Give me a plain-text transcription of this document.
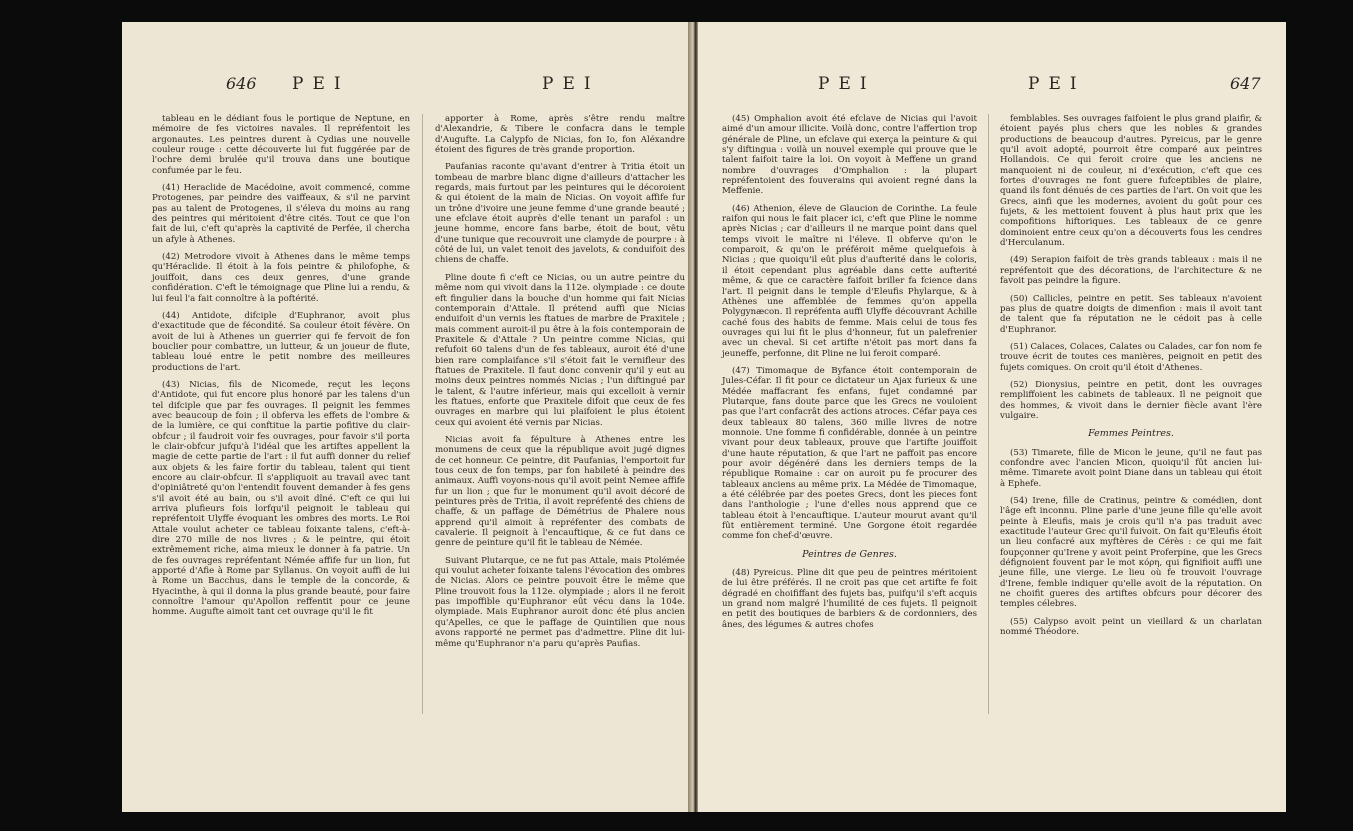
646 PEI	PEI

tableau en le dédiant fous le portique de Neptune, en mémoire de fes victoires navales. Il repréfentoit les argonautes. Les peintres durent à Cydias une nouvelle couleur rouge : cette découverte lui fut fuggérée par de l'ochre demi brulée qu'il trouva dans une boutique confumée par le feu.

(41) Heraclide de Macédoine, avoit commencé, comme Protogenes, par peindre des vaiffeaux, & s'il ne parvint pas au talent de Protogenes, il s'éleva du moins au rang des peintres qui méritoient d'être cités. Tout ce que l'on fait de lui, c'eft qu'après la captivité de Perfée, il chercha un afyle à Athenes.

(42) Metrodore vivoit à Athenes dans le même temps qu'Héraclide. Il étoit à la fois peintre & philofophe, & jouiffoit, dans ces deux genres, d'une grande confidération. C'eft le témoignage que Pline lui a rendu, & lui feul l'a fait connoître à la poftérité.

(44) Antidote, difciple d'Euphranor, avoit plus d'exactitude que de fécondité. Sa couleur étoit févère. On avoit de lui à Athenes un guerrier qui fe fervoit de fon bouclier pour combattre, un lutteur, & un joueur de flute, tableau loué entre le petit nombre des meilleures productions de l'art.

(43) Nicias, fils de Nicomede, reçut les leçons d'Antidote, qui fut encore plus honoré par les talens d'un tel difciple que par fes ouvrages. Il peignit les femmes avec beaucoup de foin ; il obferva les effets de l'ombre & de la lumière, ce qui conftitue la partie pofitive du clair-obfcur ; il faudroit voir fes ouvrages, pour favoir s'il porta le clair-obfcur jufqu'à l'idéal que les artiftes appellent la magie de cette partie de l'art : il fut auffi donner du relief aux objets & les faire fortir du tableau, talent qui tient encore au clair-obfcur. Il s'appliquoit au travail avec tant d'opiniâtreté qu'on l'entendit fouvent demander à fes gens s'il avoit été au bain, ou s'il avoit dîné. C'eft ce qui lui arriva plufieurs fois lorfqu'il peignoit le tableau qui repréfentoit Ulyffe évoquant les ombres des morts. Le Roi Attale voulut acheter ce tableau foixante talens, c'eft-à-dire 270 mille de nos livres ; & le peintre, qui étoit extrêmement riche, aima mieux le donner à fa patrie. Un de fes ouvrages repréfentant Némée affife fur un lion, fut apporté d'Afie à Rome par Syllanus. On voyoit auffi de lui à Rome un Bacchus, dans le temple de la concorde, & Hyacinthe, à qui il donna la plus grande beauté, pour faire connoître l'amour qu'Apollon reffentit pour ce jeune homme. Augufte aimoit tant cet ouvrage qu'il le fit

apporter à Rome, après s'être rendu maître d'Alexandrie, & Tibere le confacra dans le temple d'Augufte. La Calypfo de Nicias, fon Io, fon Aléxandre étoient des figures de très grande proportion.

Paufanias raconte qu'avant d'entrer à Tritia étoit un tombeau de marbre blanc digne d'ailleurs d'attacher les regards, mais furtout par les peintures qui le décoroient & qui étoient de la main de Nicias. On voyoit affife fur un trône d'ivoire une jeune femme d'une grande beauté ; une efclave étoit auprès d'elle tenant un parafol : un jeune homme, encore fans barbe, étoit de bout, vêtu d'une tunique que recouvroit une clamyde de pourpre : à côté de lui, un valet tenoit des javelots, & conduifoit des chiens de chaffe.

Pline doute fi c'eft ce Nicias, ou un autre peintre du même nom qui vivoit dans la 112e. olympiade : ce doute eft fingulier dans la bouche d'un homme qui fait Nicias contemporain d'Attale. Il prétend auffi que Nicias enduifoit d'un vernis les ftatues de marbre de Praxitele ; mais comment auroit-il pu être à la fois contemporain de Praxitele & d'Attale ? Un peintre comme Nicias, qui refufoit 60 talens d'un de fes tableaux, auroit été d'une bien rare complaifance s'il s'étoit fait le vernifleur des ftatues de Praxitele. Il faut donc convenir qu'il y eut au moins deux peintres nommés Nicias ; l'un diftingué par le talent, & l'autre inférieur, mais qui excelloit à vernir les ftatues, enforte que Praxitele difoit que ceux de fes ouvrages en marbre qui lui plaifoient le plus étoient ceux qui avoient été vernis par Nicias.

Nicias avoit fa fépulture à Athenes entre les monumens de ceux que la république avoit jugé dignes de cet honneur. Ce peintre, dit Paufanias, l'emportoit fur tous ceux de fon temps, par fon habileté à peindre des animaux. Auffi voyons-nous qu'il avoit peint Nemee affife fur un lion ; que fur le monument qu'il avoit décoré de peintures près de Tritia, il avoit repréfenté des chiens de chaffe, & un paffage de Démétrius de Phalere nous apprend qu'il aimoit à repréfenter des combats de cavalerie. Il peignoit à l'encauftique, & ce fut dans ce genre de peinture qu'il fit le tableau de Némée.

Suivant Plutarque, ce ne fut pas Attale, mais Ptolémée qui voulut acheter foixante talens l'évocation des ombres de Nicias. Alors ce peintre pouvoit être le même que Pline trouvoit fous la 112e. olympiade ; alors il ne feroit pas impoffible qu'Euphranor eût vécu dans la 104e. olympiade. Mais Euphranor auroit donc été plus ancien qu'Apelles, ce que le paffage de Quintilien que nous avons rapporté ne permet pas d'admettre. Pline dit lui-même qu'Euphranor n'a paru qu'après Paufias.

PEI	PEI	647

(45) Omphalion avoit été efclave de Nicias qui l'avoit aimé d'un amour illicite. Voilà donc, contre l'affertion trop générale de Pline, un efclave qui exerça la peinture & qui s'y diftingua : voilà un nouvel exemple qui prouve que le talent faifoit taire la loi. On voyoit à Meffene un grand nombre d'ouvrages d'Omphalion : la plupart repréfentoient des fouverains qui avoient regné dans la Meffenie.

(46) Athenion, éleve de Glaucion de Corinthe. La feule raifon qui nous le fait placer ici, c'eft que Pline le nomme après Nicias ; car d'ailleurs il ne marque point dans quel temps vivoit le maître ni l'éleve. Il obferve qu'on le comparoit, & qu'on le préféroit même quelquefois à Nicias ; que quoiqu'il eût plus d'aufterité dans le coloris, il étoit cependant plus agréable dans cette aufterité même, & que ce caractère faifoit briller fa fcience dans l'art. Il peignit dans le temple d'Eleufis Phylarque, & à Athènes une affemblée de femmes qu'on appella Polygynæcon. Il repréfenta auffi Ulyffe découvrant Achille caché fous des habits de femme. Mais celui de tous fes ouvrages qui lui fit le plus d'honneur, fut un palefrenier avec un cheval. Si cet artifte n'étoit pas mort dans fa jeuneffe, perfonne, dit Pline ne lui feroit comparé.

(47) Timomaque de Byfance étoit contemporain de Jules-Céfar. Il fit pour ce dictateur un Ajax furieux & une Médée maffacrant fes enfans, fujet condamné par Plutarque, fans doute parce que les Grecs ne vouloient pas que l'art confacrât des actions atroces. Céfar paya ces deux tableaux 80 talens, 360 mille livres de notre monnoie. Une fomme fi confidérable, donnée à un peintre vivant pour deux tableaux, prouve que l'artifte jouiffoit d'une haute réputation, & que l'art ne paffoit pas encore pour avoir dégénéré dans les derniers temps de la république Romaine : car on auroit pu fe procurer des tableaux anciens au même prix. La Médée de Timomaque, a été célébrée par des poetes Grecs, dont les pieces font dans l'anthologie ; l'une d'elles nous apprend que ce tableau étoit à l'encauftique. L'auteur mourut avant qu'il fût entièrement terminé. Une Gorgone étoit regardée comme fon chef-d'œuvre.

Peintres de Genres.

(48) Pyreicus. Pline dit que peu de peintres méritoient de lui être préférés. Il ne croit pas que cet artifte fe foit dégradé en choififfant des fujets bas, puifqu'il s'eft acquis un grand nom malgré l'humilité de ces fujets. Il peignoit en petit des boutiques de barbiers & de cordonniers, des ânes, des légumes & autres chofes

femblables. Ses ouvrages faifoient le plus grand plaifir, & étoient payés plus chers que les nobles & grandes productions de beaucoup d'autres. Pyreicus, par le genre qu'il avoit adopté, pourroit être comparé aux peintres Hollandois. Ce qui feroit croire que les anciens ne manquoient ni de couleur, ni d'exécution, c'eft que ces fortes d'ouvrages ne font guere fufceptibles de plaire, quand ils font dénués de ces parties de l'art. On voit que les Grecs, ainfi que les modernes, avoient du goût pour ces fujets, & les mettoient fouvent à plus haut prix que les compofitions hiftoriques. Les tableaux de ce genre dominoient entre ceux qu'on a découverts fous les cendres d'Herculanum.

(49) Serapion faifoit de très grands tableaux : mais il ne repréfentoit que des décorations, de l'architecture & ne favoit pas peindre la figure.

(50) Callicles, peintre en petit. Ses tableaux n'avoient pas plus de quatre doigts de dimenfion : mais il avoit tant de talent que fa réputation ne le cédoit pas à celle d'Euphranor.

(51) Calaces, Colaces, Calates ou Calades, car fon nom fe trouve écrit de toutes ces manières, peignoit en petit des fujets comiques. On croit qu'il étoit d'Athenes.

(52) Dionysius, peintre en petit, dont les ouvrages rempliffoient les cabinets de tableaux. Il ne peignoit que des hommes, & vivoit dans le dernier fiècle avant l'ère vulgaire.

Femmes Peintres.

(53) Timarete, fille de Micon le jeune, qu'il ne faut pas confondre avec l'ancien Micon, quoiqu'il fût ancien lui-même. Timarete avoit point Diane dans un tableau qui étoit à Ephefe.

(54) Irene, fille de Cratinus, peintre & comédien, dont l'âge eft inconnu. Pline parle d'une jeune fille qu'elle avoit peinte à Eleufis, mais je crois qu'il n'a pas traduit avec exactitude l'auteur Grec qu'il fuivoit. On fait qu'Eleufis étoit un lieu confacré aux myftères de Cérès : ce qui me fait foupçonner qu'Irene y avoit peint Proferpine, que les Grecs défignoient fouvent par le mot κόρη, qui fignifioit auffi une jeune fille, une vierge. Le lieu où fe trouvoit l'ouvrage d'Irene, femble indiquer qu'elle avoit de la réputation. On ne choifit gueres des artiftes obfcurs pour décorer des temples célebres.

(55) Calypso avoit peint un vieillard & un charlatan nommé Théodore.
